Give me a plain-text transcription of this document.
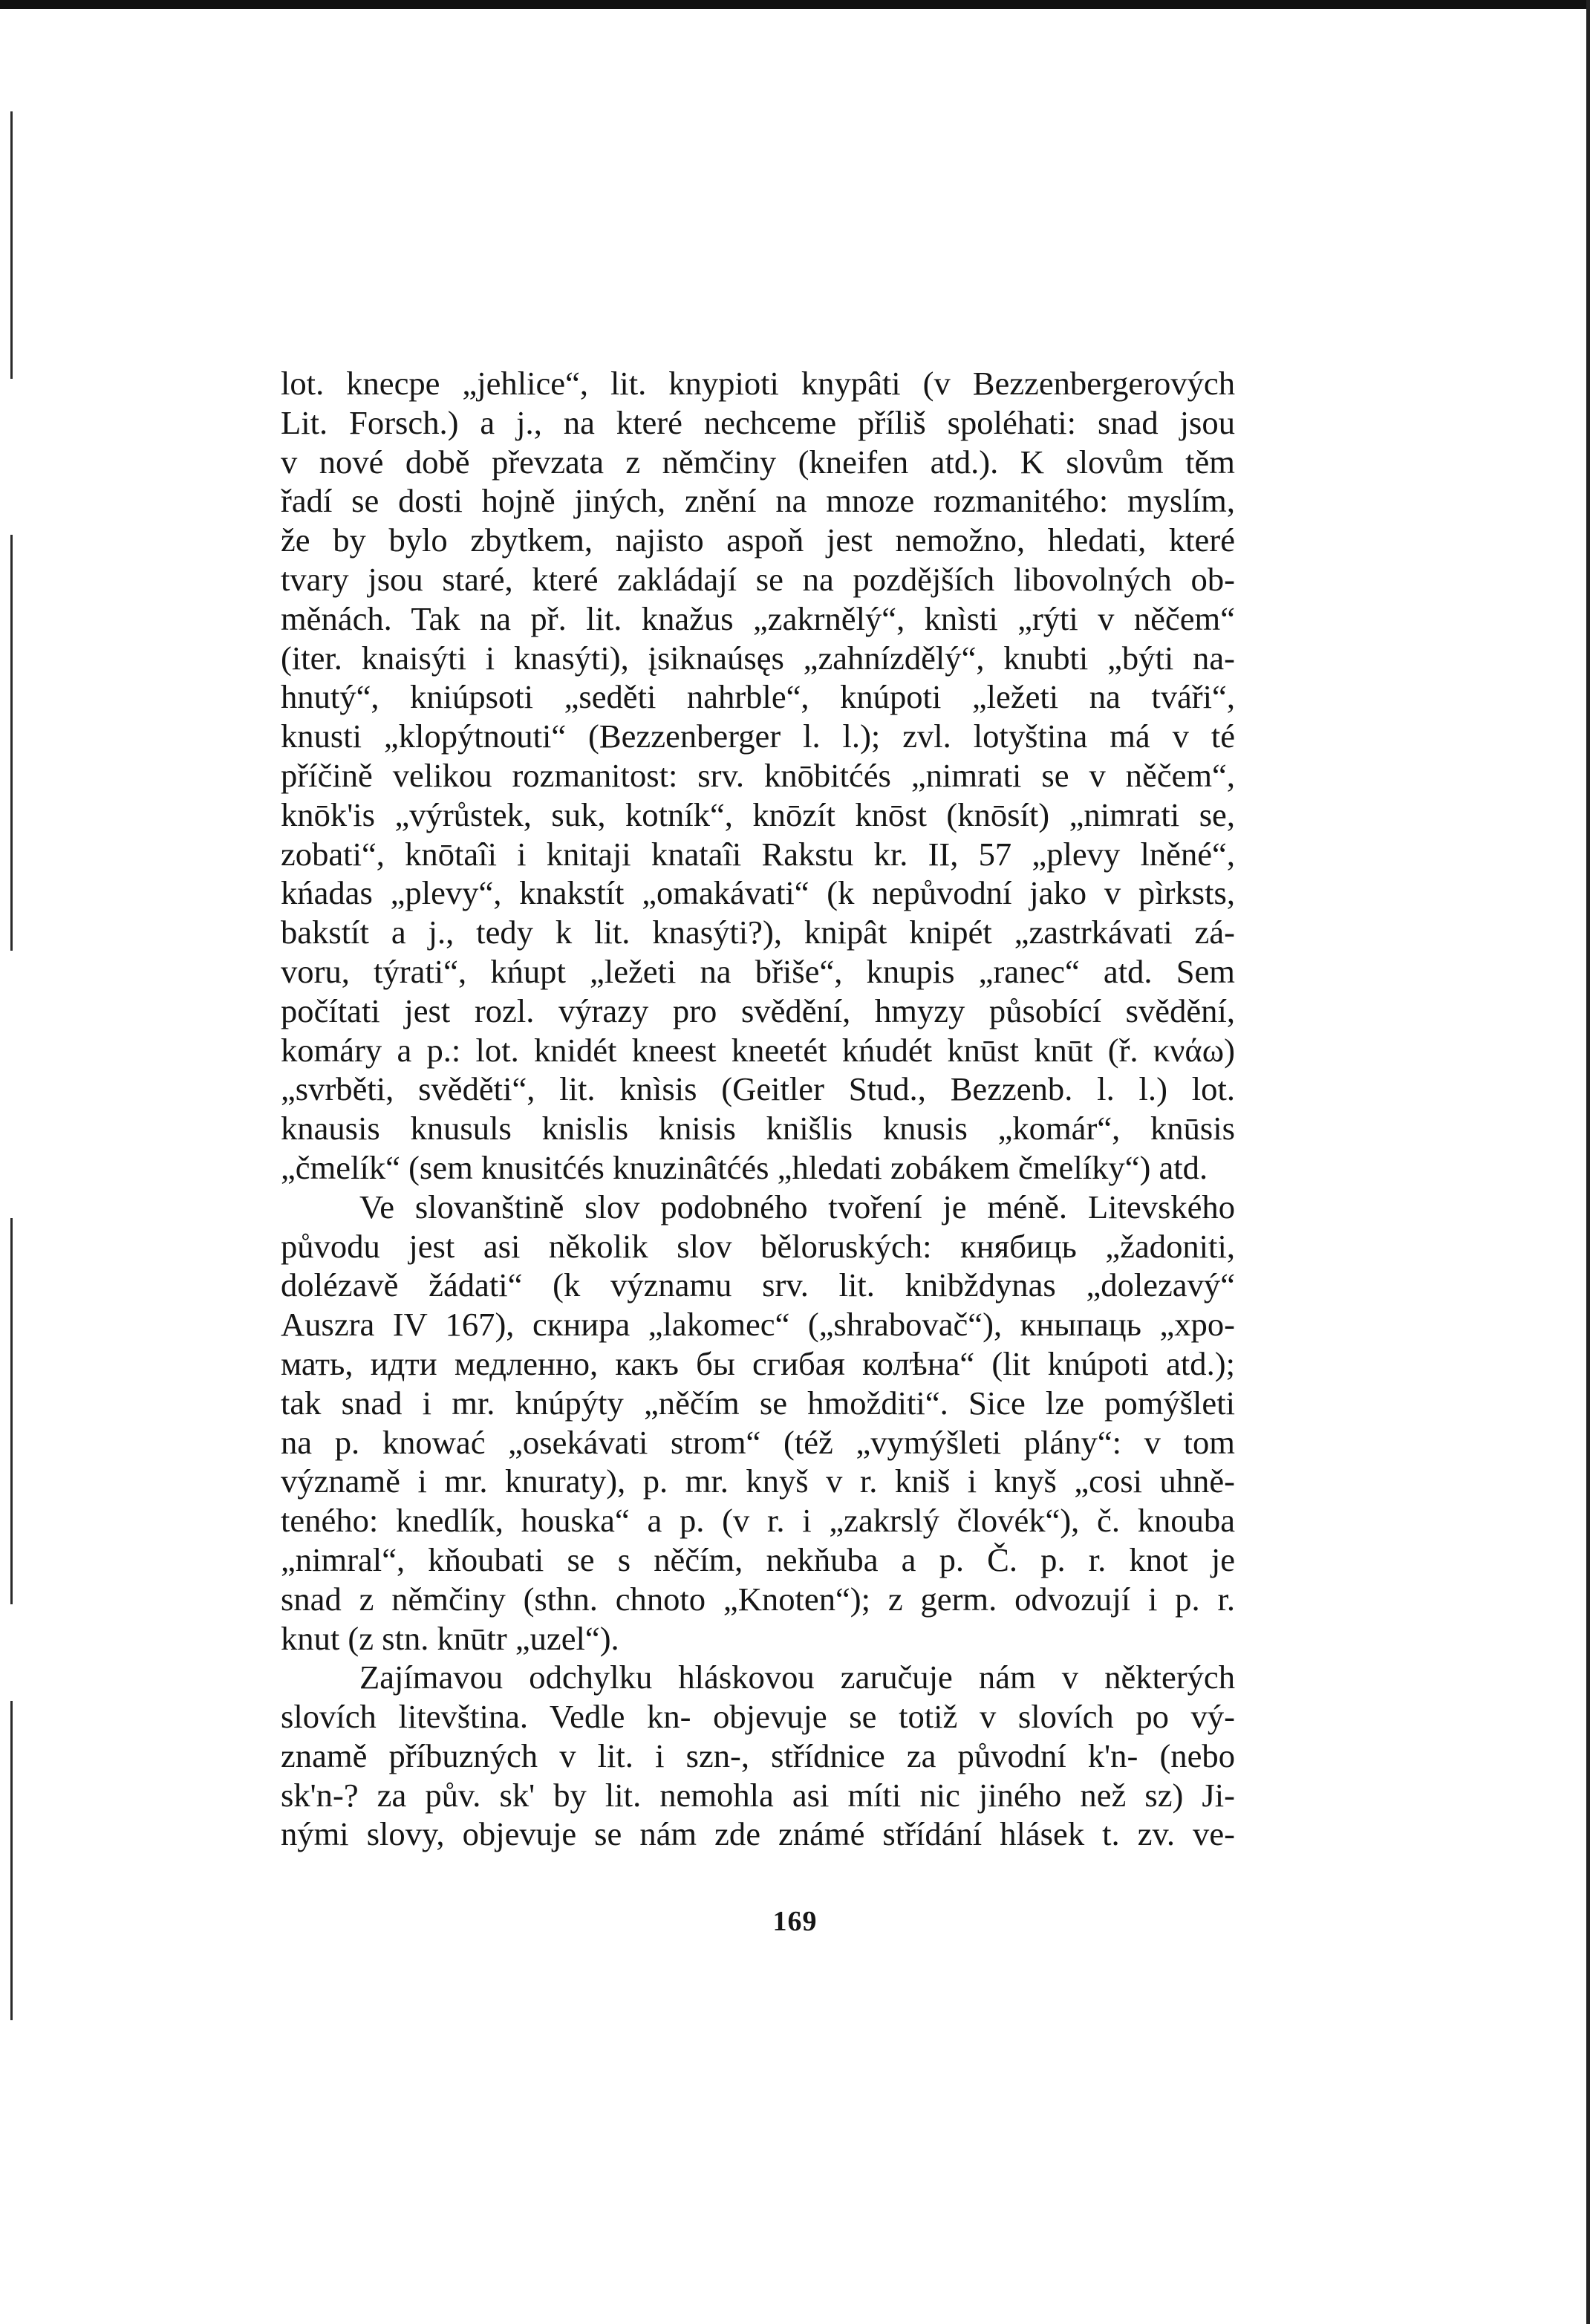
lot. knecpe „jehlice“, lit. knypioti knypâti (v Bezzenbergerových
Lit. Forsch.) a j., na které nechceme příliš spoléhati: snad jsou
v nové době převzata z němčiny (kneifen atd.). K slovům těm
řadí se dosti hojně jiných, znění na mnoze rozmanitého: myslím,
že by bylo zbytkem, najisto aspoň jest nemožno, hledati, které
tvary jsou staré, které zakládají se na pozdějších libovolných ob-
měnách. Tak na př. lit. knažus „zakrnělý“, knìsti „rýti v něčem“
(iter. knaisýti i knasýti), įsiknaúsęs „zahnízdělý“, knubti „býti na-
hnutý“, kniúpsoti „seděti nahrble“, knúpoti „ležeti na tváři“,
knusti „klopýtnouti“ (Bezzenberger l. l.); zvl. lotyština má v té
příčině velikou rozmanitost: srv. knōbitćés „nimrati se v něčem“,
knōk'is „výrůstek, suk, kotník“, knōzít knōst (knōsít) „nimrati se,
zobati“, knōtaîi i knitaji knataîi Rakstu kr. II, 57 „plevy lněné“,
kńadas „plevy“, knakstít „omakávati“ (k nepůvodní jako v pìrksts,
bakstít a j., tedy k lit. knasýti?), knipât knipét „zastrkávati zá-
voru, týrati“, kńupt „ležeti na břiše“, knupis „ranec“ atd. Sem
počítati jest rozl. výrazy pro svědění, hmyzy působící svědění,
komáry a p.: lot. knidét kneest kneetét kńudét knūst knūt (ř. κνάω)
„svrběti, svěděti“, lit. knìsis (Geitler Stud., Bezzenb. l. l.) lot.
knausis knusuls knislis knisis knišlis knusis „komár“, knūsis
„čmelík“ (sem knusitćés knuzinâtćés „hledati zobákem čmelíky“) atd.
Ve slovanštině slov podobného tvoření je méně. Litevského
původu jest asi několik slov běloruských: княбиць „žadoniti,
dolézavě žádati“ (k významu srv. lit. knibždynas „dolezavý“
Auszra IV 167), скнира „lakomec“ („shrabovač“), кныпаць „хро-
мать, идти медленно, какъ бы сгибая колѣна“ (lit knúpoti atd.);
tak snad i mr. knúpýty „něčím se hmožditi“. Sice lze pomýšleti
na p. knować „osekávati strom“ (též „vymýšleti plány“: v tom
významě i mr. knuraty), p. mr. knyš v r. kniš i knyš „cosi uhně-
teného: knedlík, houska“ a p. (v r. i „zakrslý človék“), č. knouba
„nimral“, kňoubati se s něčím, nekňuba a p. Č. p. r. knot je
snad z němčiny (sthn. chnoto „Knoten“); z germ. odvozují i p. r.
knut (z stn. knūtr „uzel“).
Zajímavou odchylku hláskovou zaručuje nám v některých
slovích litevština. Vedle kn- objevuje se totiž v slovích po vý-
znamě příbuzných v lit. i szn-, střídnice za původní k'n- (nebo
sk'n-? za pův. sk' by lit. nemohla asi míti nic jiného než sz) Ji-
nými slovy, objevuje se nám zde známé střídání hlásek t. zv. ve-
169
